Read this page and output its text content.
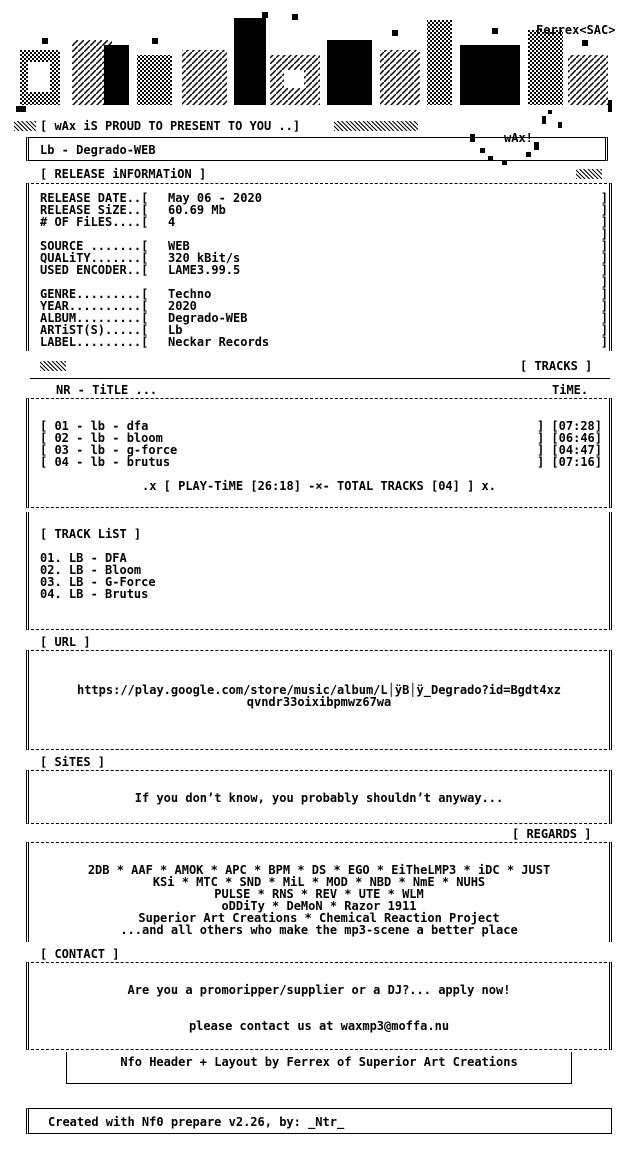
Ferrex<SAC>
[ wAx iS PROUD TO PRESENT TO YOU ..]
wAx!
Lb - Degrado-WEB
[ RELEASE iNFORMATiON ]
RELEASE DATE..[ May 06 - 2020	]
RELEASE SiZE..[ 60.69 Mb	]
# OF FiLES....[ 4	]
]
SOURCE .......[ WEB	]
QUALiTY.......[ 320 kBit/s	]
USED ENCODER..[ LAME3.99.5	]
]
GENRE.........[ Techno	]
YEAR..........[ 2020	]
ALBUM.........[ Degrado-WEB	]
ARTiST(S).....[ Lb	]
LABEL.........[ Neckar Records	]
[ TRACKS ]
NR - TiTLE ...	TiME.
[ 01 - lb - dfa	] [07:28]
[ 02 - lb - bloom	] [06:46]
[ 03 - lb - g-force	] [04:47]
[ 04 - lb - brutus	] [07:16]
.x [ PLAY-TiME [26:18] -×- TOTAL TRACKS [04] ] x.
[ TRACK LiST ]
01. LB - DFA
02. LB - Bloom
03. LB - G-Force
04. LB - Brutus
[ URL ]
https://play.google.com/store/music/album/L│ÿB│ÿ_Degrado?id=Bgdt4xz
qvndr33oixibpmwz67wa
[ SiTES ]
If you don’t know, you probably shouldn’t anyway...
[ REGARDS ]
2DB * AAF * AMOK * APC * BPM * DS * EGO * EiTheLMP3 * iDC * JUST
KSi * MTC * SND * MiL * MOD * NBD * NmE * NUHS
PULSE * RNS * REV * UTE * WLM
oDDiTy * DeMoN * Razor 1911
Superior Art Creations * Chemical Reaction Project
...and all others who make the mp3-scene a better place
[ CONTACT ]
Are you a promoripper/supplier or a DJ?... apply now!
please contact us at waxmp3@moffa.nu
Nfo Header + Layout by Ferrex of Superior Art Creations
Created with Nf0 prepare v2.26, by: _Ntr_
